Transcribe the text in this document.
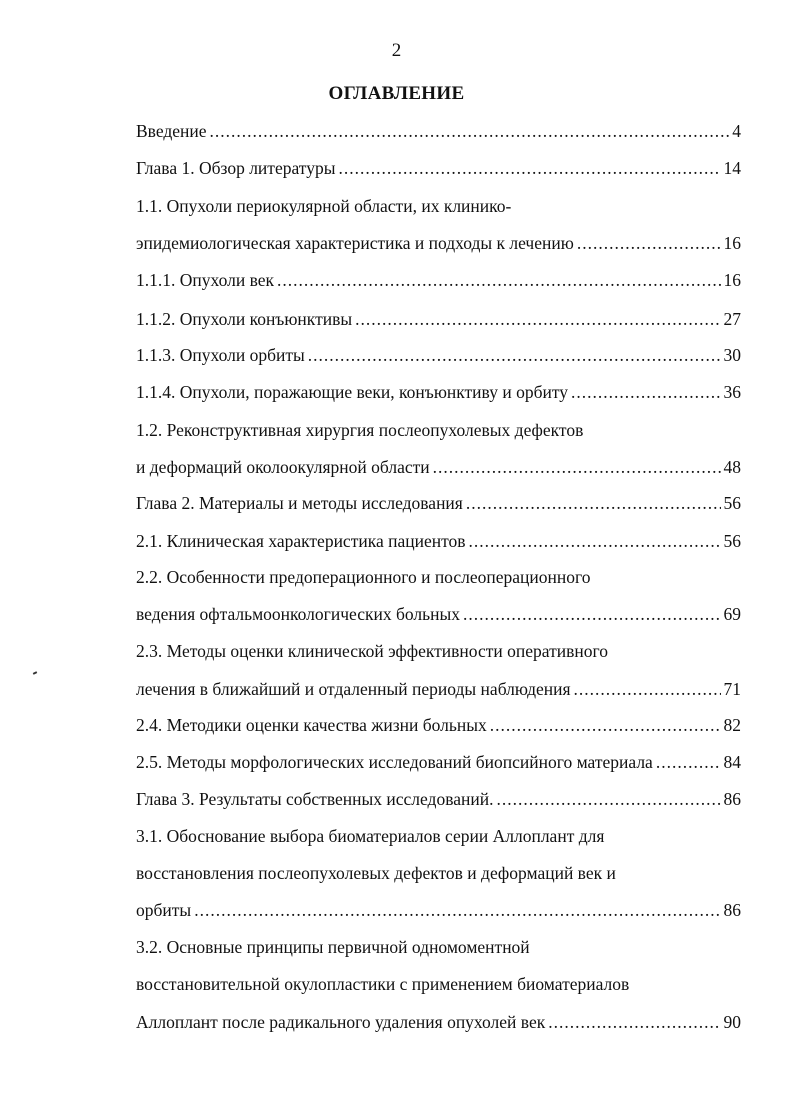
2
ОГЛАВЛЕНИЕ
Введение .....	4
Глава 1. Обзор литературы .....	14
1.1. Опухоли периокулярной области, их клинико-
эпидемиологическая характеристика и подходы к лечению .....	16
1.1.1. Опухоли век .....	16
1.1.2. Опухоли конъюнктивы .....	27
1.1.3. Опухоли орбиты .....	30
1.1.4. Опухоли, поражающие веки, конъюнктиву и орбиту .....	36
1.2. Реконструктивная хирургия послеопухолевых дефектов
и деформаций околоокулярной области .....	48
Глава 2. Материалы и методы исследования .....	56
2.1. Клиническая характеристика пациентов .....	56
2.2. Особенности предоперационного и послеоперационного
ведения офтальмоонкологических больных .....	69
2.3. Методы оценки клинической эффективности оперативного
лечения в ближайший и отдаленный периоды наблюдения .....	71
2.4. Методики оценки качества жизни больных .....	82
2.5. Методы морфологических исследований биопсийного материала .....	84
Глава 3. Результаты собственных исследований. .....	86
3.1. Обоснование выбора биоматериалов серии Аллоплант для
восстановления послеопухолевых дефектов и деформаций век и
орбиты .....	86
3.2. Основные принципы первичной одномоментной
восстановительной окулопластики с применением биоматериалов
Аллоплант после радикального удаления опухолей век .....	90
